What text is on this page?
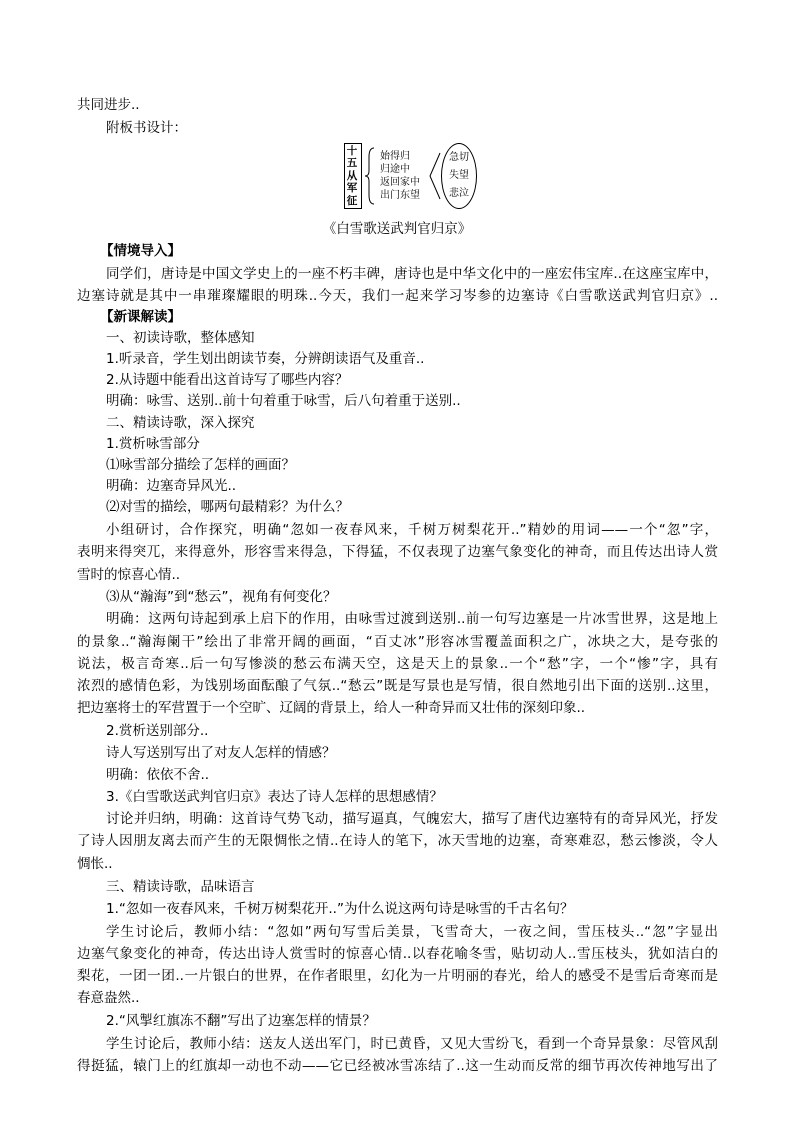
共同进步..
附板书设计：
十
五
从
军
征
始得归
归途中
返回家中
出门东望
急切
失望
悲泣
《白雪歌送武判官归京》
【情境导入】
同学们，唐诗是中国文学史上的一座不朽丰碑，唐诗也是中华文化中的一座宏伟宝库..在这座宝库中，
边塞诗就是其中一串璀璨耀眼的明珠..今天，我们一起来学习岑参的边塞诗《白雪歌送武判官归京》..
【新课解读】
一、初读诗歌，整体感知
1.听录音，学生划出朗读节奏，分辨朗读语气及重音..
2.从诗题中能看出这首诗写了哪些内容？
明确：咏雪、送别..前十句着重于咏雪，后八句着重于送别..
二、精读诗歌，深入探究
1.赏析咏雪部分
⑴咏雪部分描绘了怎样的画面？
明确：边塞奇异风光..
⑵对雪的描绘，哪两句最精彩？为什么？
小组研讨，合作探究，明确“忽如一夜春风来，千树万树梨花开..”精妙的用词——一个“忽”字，
表明来得突兀，来得意外，形容雪来得急，下得猛，不仅表现了边塞气象变化的神奇，而且传达出诗人赏
雪时的惊喜心情..
⑶从“瀚海”到“愁云”，视角有何变化？
明确：这两句诗起到承上启下的作用，由咏雪过渡到送别..前一句写边塞是一片冰雪世界，这是地上
的景象..“瀚海阑干”绘出了非常开阔的画面，“百丈冰”形容冰雪覆盖面积之广，冰块之大，是夸张的
说法，极言奇寒..后一句写惨淡的愁云布满天空，这是天上的景象..一个“愁”字，一个“惨”字，具有
浓烈的感情色彩，为饯别场面酝酿了气氛..“愁云”既是写景也是写情，很自然地引出下面的送别..这里，
把边塞将士的军营置于一个空旷、辽阔的背景上，给人一种奇异而又壮伟的深刻印象..
2.赏析送别部分..
诗人写送别写出了对友人怎样的情感？
明确：依依不舍..
3.《白雪歌送武判官归京》表达了诗人怎样的思想感情？
讨论并归纳，明确：这首诗气势飞动，描写逼真，气魄宏大，描写了唐代边塞特有的奇异风光，抒发
了诗人因朋友离去而产生的无限惆怅之情..在诗人的笔下，冰天雪地的边塞，奇寒难忍，愁云惨淡，令人
惆怅..
三、精读诗歌，品味语言
1.“忽如一夜春风来，千树万树梨花开..”为什么说这两句诗是咏雪的千古名句？
学生讨论后，教师小结：“忽如”两句写雪后美景，飞雪奇大，一夜之间，雪压枝头..“忽”字显出
边塞气象变化的神奇，传达出诗人赏雪时的惊喜心情..以春花喻冬雪，贴切动人..雪压枝头，犹如洁白的
梨花，一团一团..一片银白的世界，在作者眼里，幻化为一片明丽的春光，给人的感受不是雪后奇寒而是
春意盎然..
2.“风掣红旗冻不翻”写出了边塞怎样的情景？
学生讨论后，教师小结：送友人送出军门，时已黄昏，又见大雪纷飞，看到一个奇异景象：尽管风刮
得挺猛，辕门上的红旗却一动也不动——它已经被冰雪冻结了..这一生动而反常的细节再次传神地写出了
